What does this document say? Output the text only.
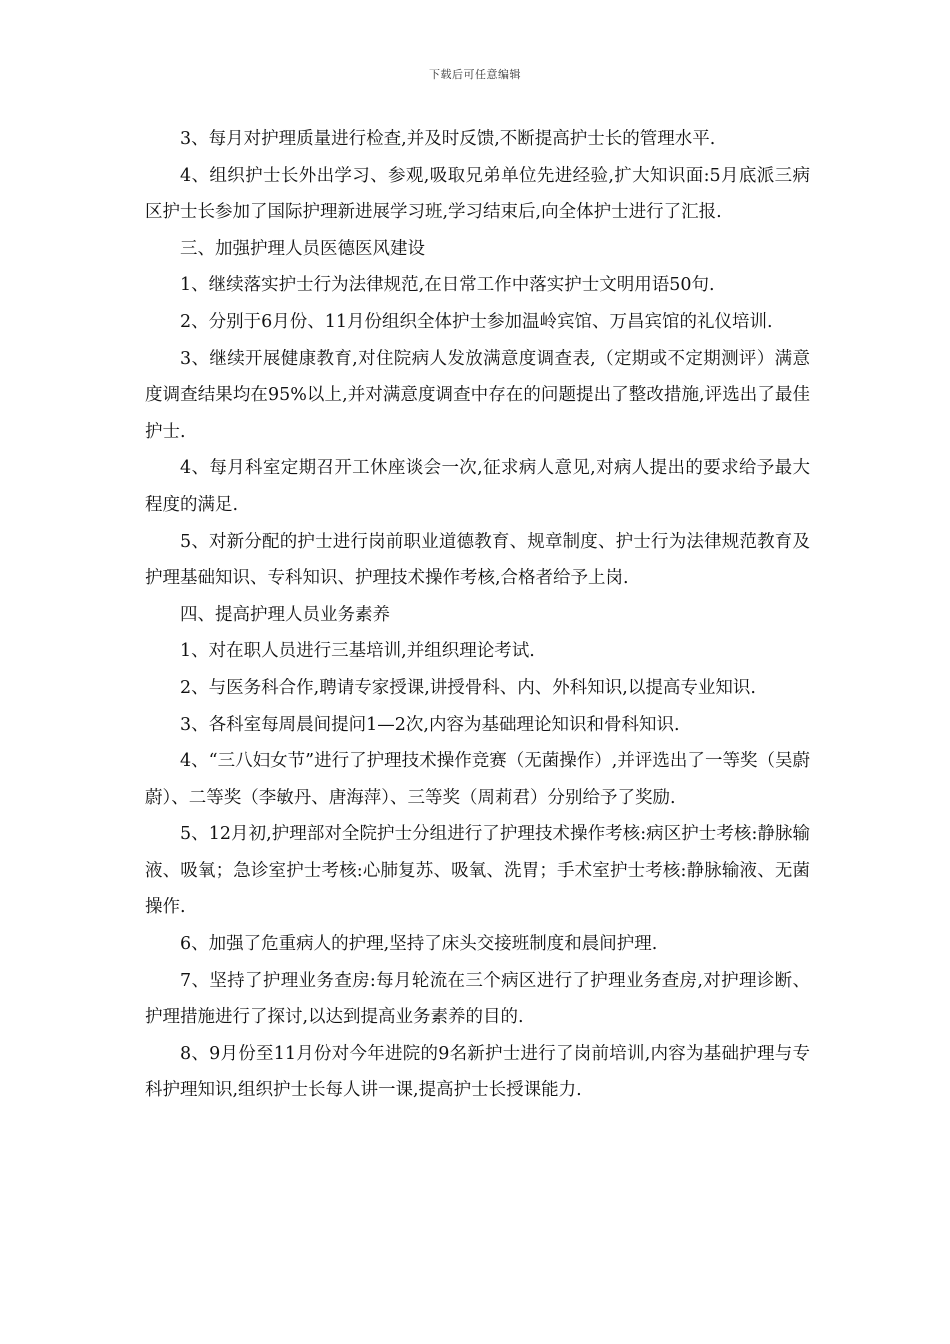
下载后可任意编辑

3、每月对护理质量进行检查,并及时反馈,不断提高护士长的管理水平.

4、组织护士长外出学习、参观,吸取兄弟单位先进经验,扩大知识面:5月底派三病区护士长参加了国际护理新进展学习班,学习结束后,向全体护士进行了汇报.

三、加强护理人员医德医风建设

1、继续落实护士行为法律规范,在日常工作中落实护士文明用语50句.

2、分别于6月份、11月份组织全体护士参加温岭宾馆、万昌宾馆的礼仪培训.

3、继续开展健康教育,对住院病人发放满意度调查表,（定期或不定期测评）满意度调查结果均在95%以上,并对满意度调查中存在的问题提出了整改措施,评选出了最佳护士.

4、每月科室定期召开工休座谈会一次,征求病人意见,对病人提出的要求给予最大程度的满足.

5、对新分配的护士进行岗前职业道德教育、规章制度、护士行为法律规范教育及护理基础知识、专科知识、护理技术操作考核,合格者给予上岗.

四、提高护理人员业务素养

1、对在职人员进行三基培训,并组织理论考试.

2、与医务科合作,聘请专家授课,讲授骨科、内、外科知识,以提高专业知识.

3、各科室每周晨间提问1—2次,内容为基础理论知识和骨科知识.

4、“三八妇女节”进行了护理技术操作竞赛（无菌操作）,并评选出了一等奖（吴蔚蔚）、二等奖（李敏丹、唐海萍）、三等奖（周莉君）分别给予了奖励.

5、12月初,护理部对全院护士分组进行了护理技术操作考核:病区护士考核:静脉输液、吸氧；急诊室护士考核:心肺复苏、吸氧、洗胃；手术室护士考核:静脉输液、无菌操作.

6、加强了危重病人的护理,坚持了床头交接班制度和晨间护理.

7、坚持了护理业务查房:每月轮流在三个病区进行了护理业务查房,对护理诊断、护理措施进行了探讨,以达到提高业务素养的目的.

8、9月份至11月份对今年进院的9名新护士进行了岗前培训,内容为基础护理与专科护理知识,组织护士长每人讲一课,提高护士长授课能力.
